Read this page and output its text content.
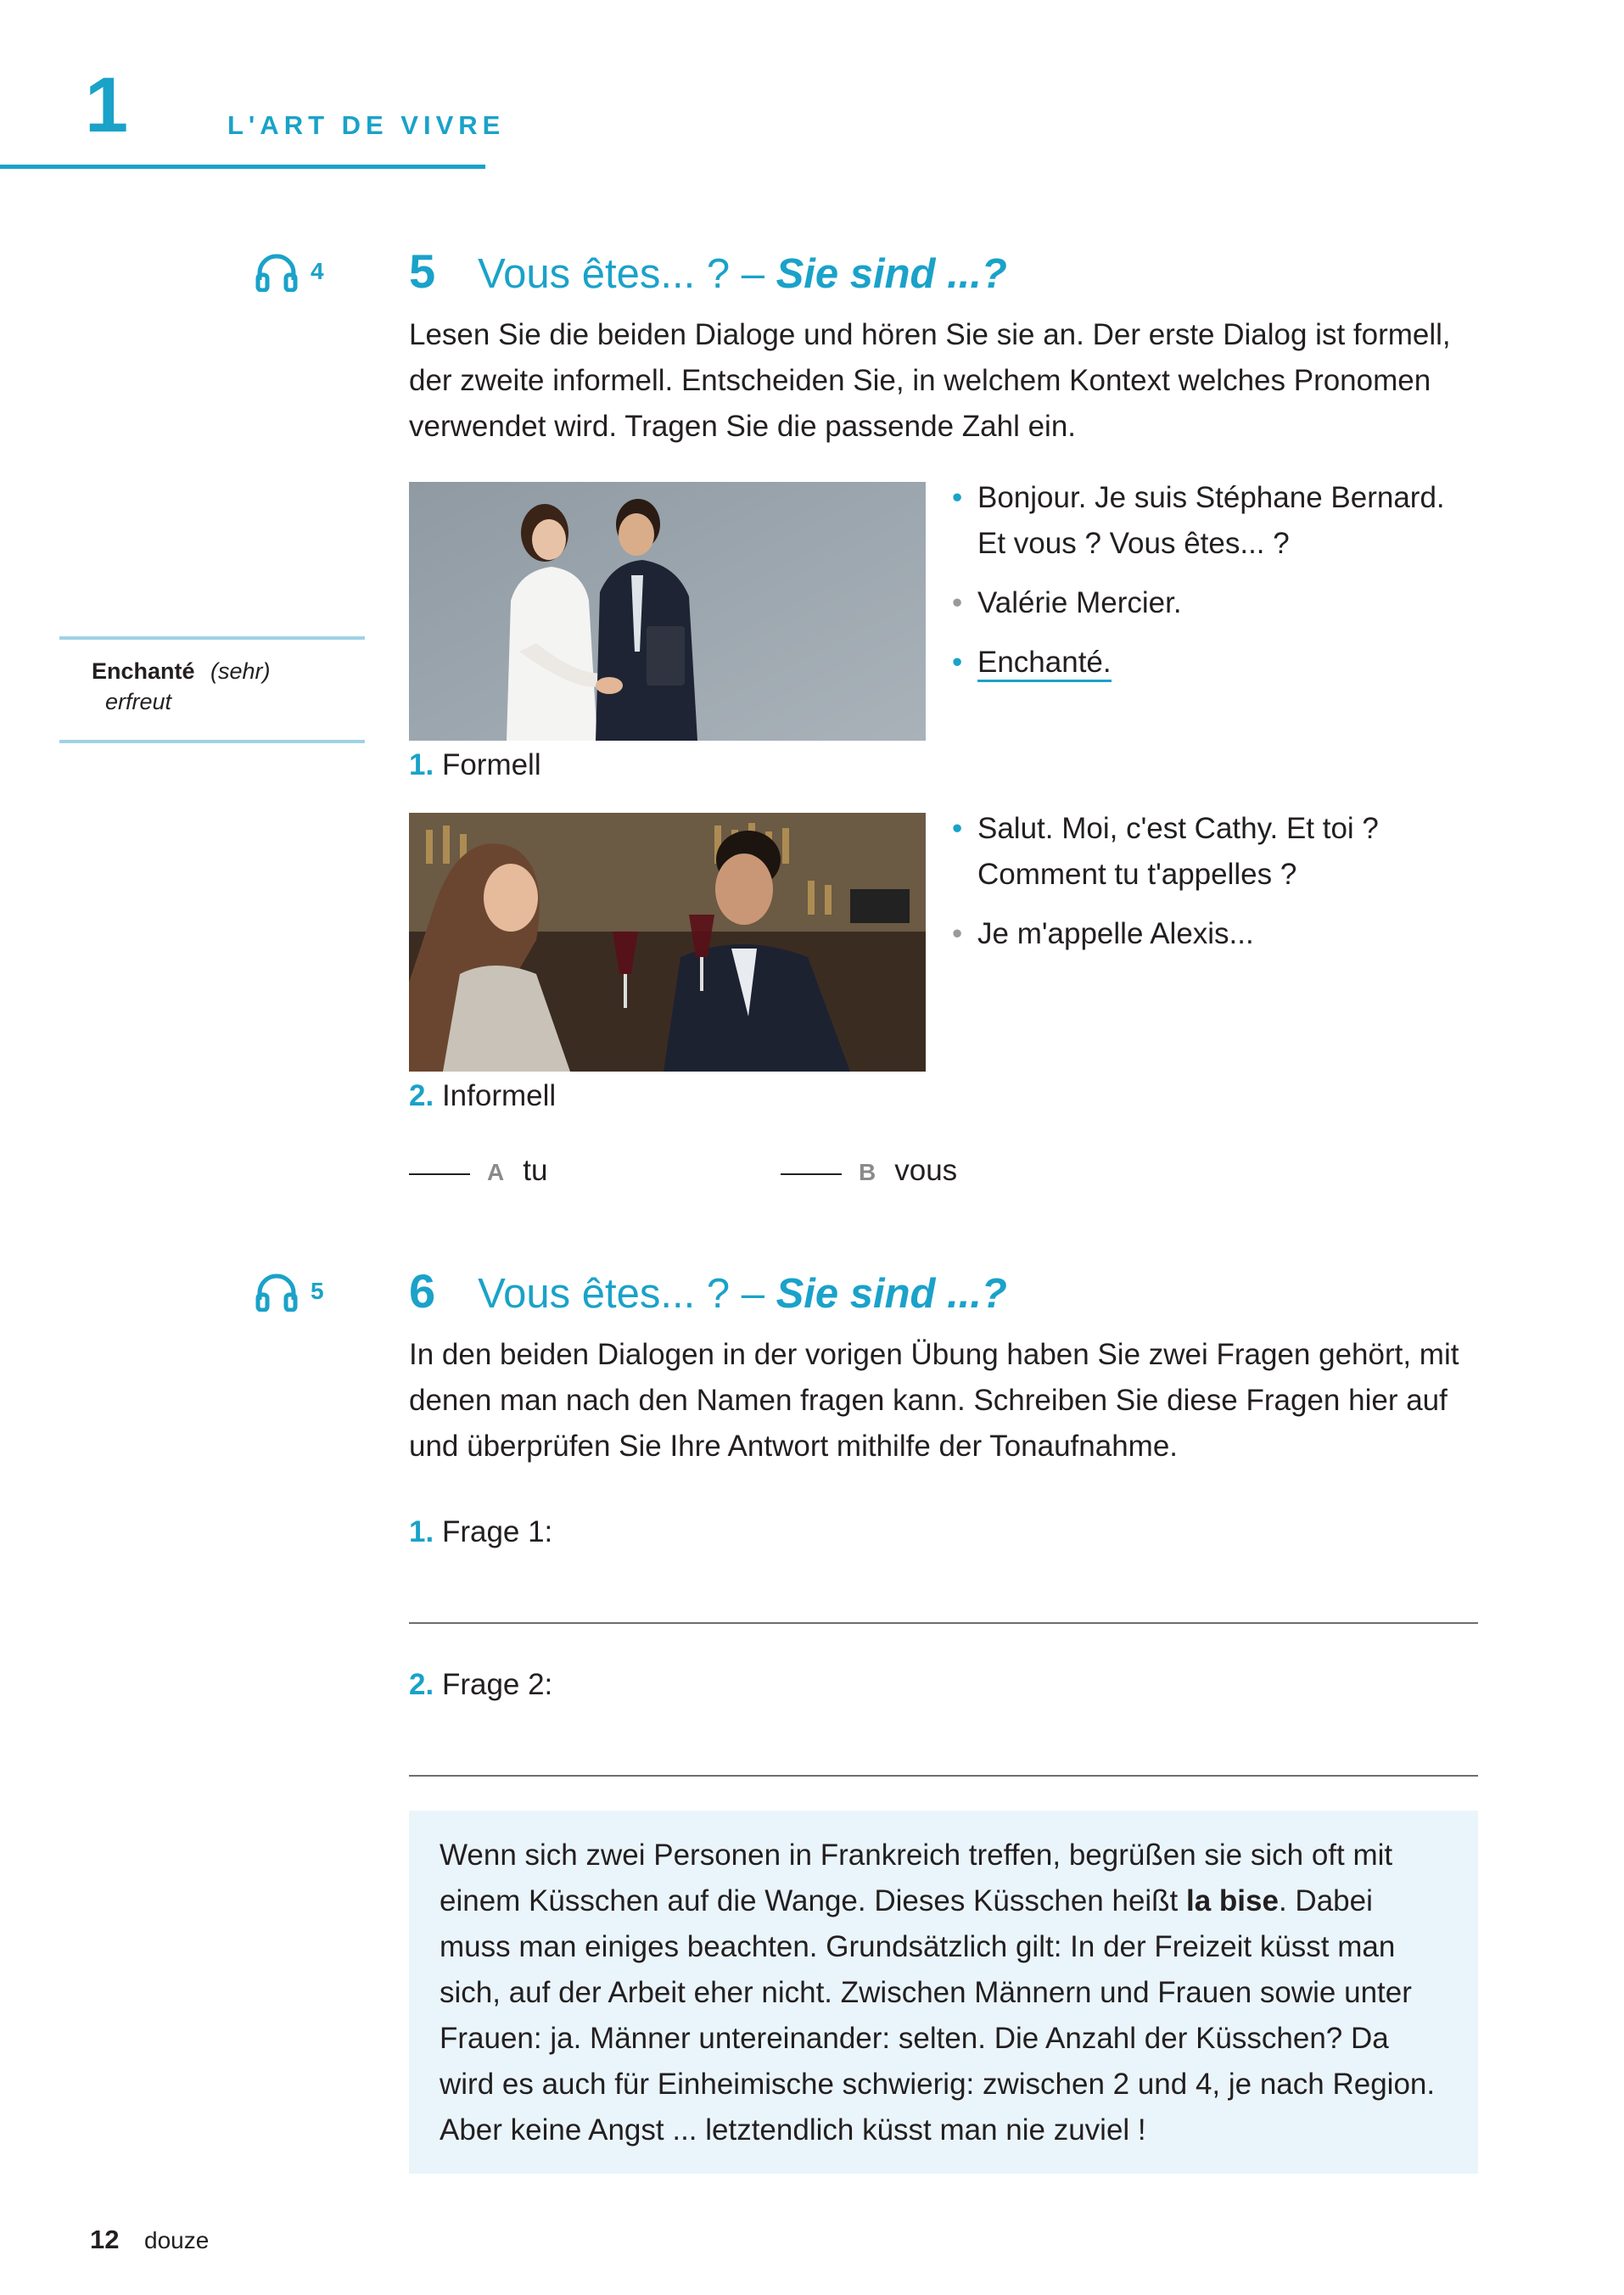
1	L'ART DE VIVRE
4 5 Vous êtes... ? – Sie sind ...?
Lesen Sie die beiden Dialoge und hören Sie sie an. Der erste Dialog ist formell, der zweite informell. Entscheiden Sie, in welchem Kontext welches Pronomen verwendet wird. Tragen Sie die passende Zahl ein.
Enchanté (sehr)
erfreut
• Bonjour. Je suis Stéphane Bernard.
Et vous ? Vous êtes... ?
• Valérie Mercier.
• Enchanté.
1. Formell
• Salut. Moi, c'est Cathy. Et toi ?
Comment tu t'appelles ?
• Je m'appelle Alexis...
2. Informell
A tu	B vous
5 6 Vous êtes... ? – Sie sind ...?
In den beiden Dialogen in der vorigen Übung haben Sie zwei Fragen gehört, mit denen man nach den Namen fragen kann. Schreiben Sie diese Fragen hier auf und überprüfen Sie Ihre Antwort mithilfe der Tonaufnahme.
1. Frage 1:
2. Frage 2:
Wenn sich zwei Personen in Frankreich treffen, begrüßen sie sich oft mit einem Küsschen auf die Wange. Dieses Küsschen heißt la bise. Dabei muss man einiges beachten. Grundsätzlich gilt: In der Freizeit küsst man sich, auf der Arbeit eher nicht. Zwischen Männern und Frauen sowie unter Frauen: ja. Männer untereinander: selten. Die Anzahl der Küsschen? Da wird es auch für Einheimische schwierig: zwischen 2 und 4, je nach Region. Aber keine Angst ... letztendlich küsst man nie zuviel !
12 douze
